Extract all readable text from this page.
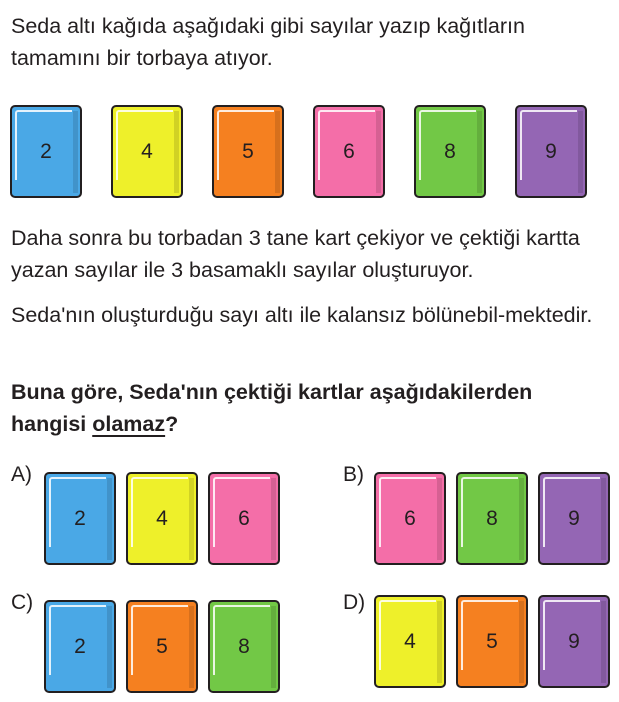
Seda altı kağıda aşağıdaki gibi sayılar yazıp kağıtların tamamını bir torbaya atıyor.

2	4	5	6	8	9

Daha sonra bu torbadan 3 tane kart çekiyor ve çektiği kartta yazan sayılar ile 3 basamaklı sayılar oluşturuyor.

Seda'nın oluşturduğu sayı altı ile kalansız bölünebil-mektedir.

Buna göre, Seda'nın çektiği kartlar aşağıdakilerden hangisi olamaz?

A)
2	4	6
B)
6	8	9
C)
2	5	8
D)
4	5	9
